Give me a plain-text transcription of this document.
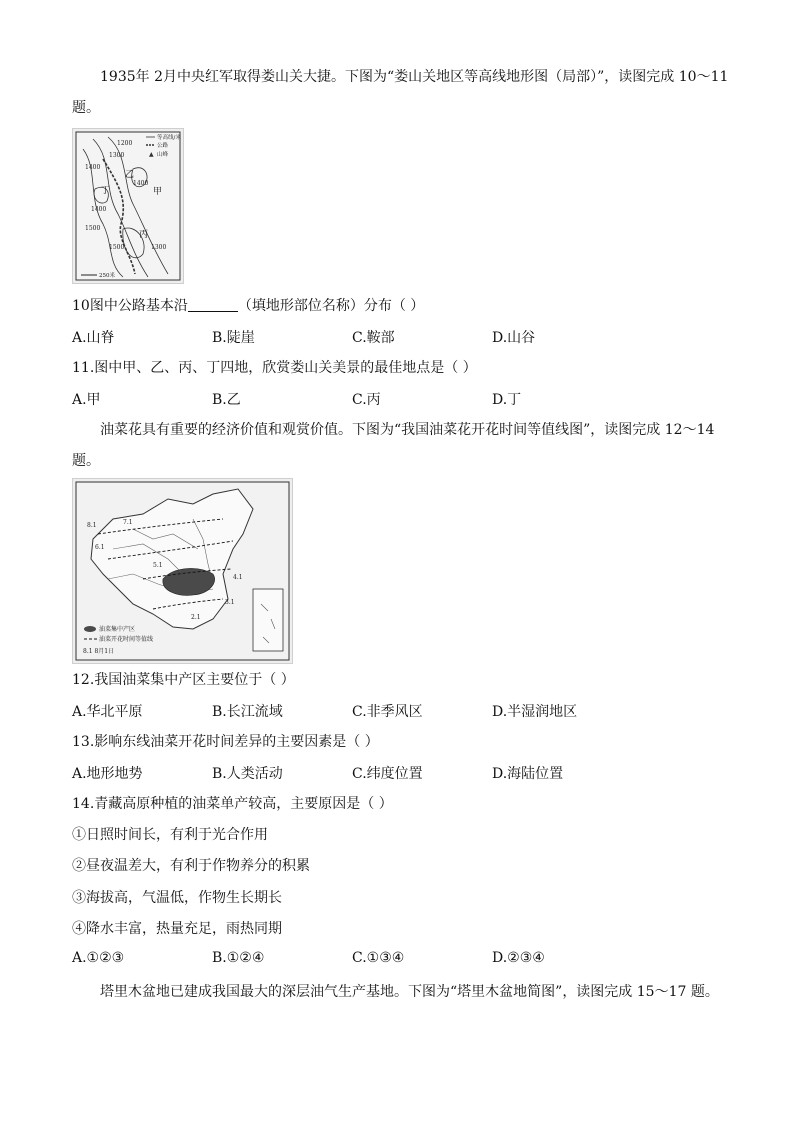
1935年 2月中央红军取得娄山关大捷。下图为“娄山关地区等高线地形图（局部）”，读图完成 10～11
题。
▲
等高线/米
公路
山峰
1200
1300
1400
1500
1500
1400
1300
1400
甲
乙
丙
丁
250米
10图中公路基本沿	（填地形部位名称）分布（ ）
A.山脊	B.陡崖	C.鞍部	D.山谷
11.图中甲、乙、丙、丁四地，欣赏娄山关美景的最佳地点是（ ）
A.甲	B.乙	C.丙	D.丁
油菜花具有重要的经济价值和观赏价值。下图为“我国油菜花开花时间等值线图”，读图完成 12～14
题。
8.1	7.1
6.1
5.1
4.1
3.1
2.1
油菜集中产区
油菜开花时间等值线
8.1 8月1日
12.我国油菜集中产区主要位于（ ）
A.华北平原	B.长江流域	C.非季风区	D.半湿润地区
13.影响东线油菜开花时间差异的主要因素是（ ）
A.地形地势	B.人类活动	C.纬度位置	D.海陆位置
14.青藏高原种植的油菜单产较高，主要原因是（ ）
①日照时间长，有利于光合作用
②昼夜温差大，有利于作物养分的积累
③海拔高，气温低，作物生长期长
④降水丰富，热量充足，雨热同期
A.①②③	B.①②④	C.①③④	D.②③④
塔里木盆地已建成我国最大的深层油气生产基地。下图为“塔里木盆地简图”，读图完成 15～17 题。
